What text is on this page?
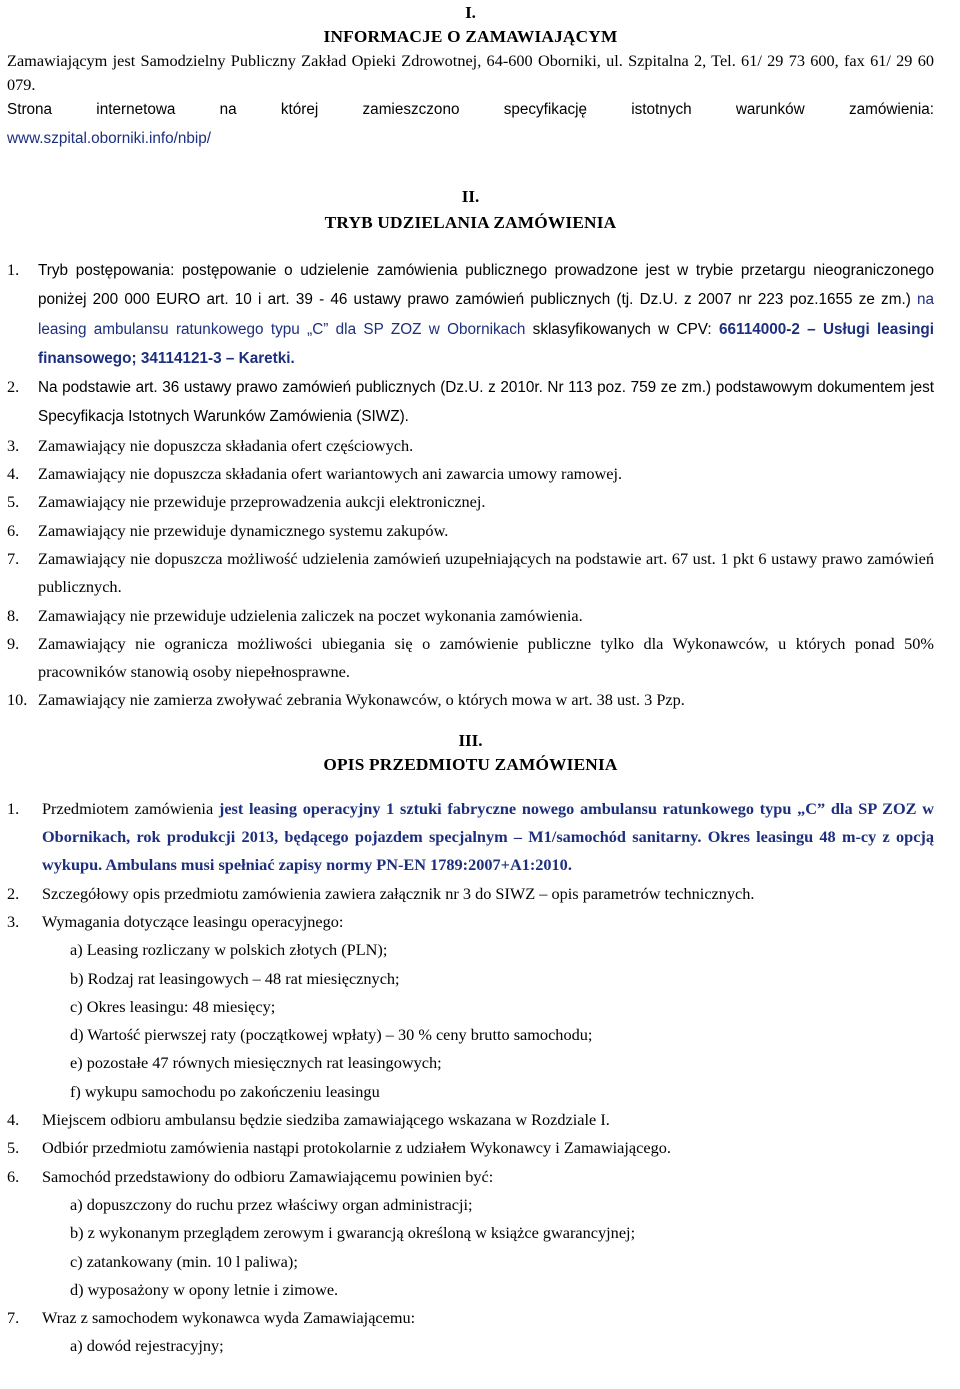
I.
INFORMACJE O ZAMAWIAJĄCYM
Zamawiającym jest Samodzielny Publiczny Zakład Opieki Zdrowotnej, 64-600 Oborniki, ul. Szpitalna 2, Tel. 61/ 29 73 600, fax 61/ 29 60 079.
Strona internetowa na której zamieszczono specyfikację istotnych warunków zamówienia:
www.szpital.oborniki.info/nbip/
II.
TRYB UDZIELANIA ZAMÓWIENIA
1. Tryb postępowania: postępowanie o udzielenie zamówienia publicznego prowadzone jest w trybie przetargu nieograniczonego poniżej 200 000 EURO art. 10 i art. 39 - 46 ustawy prawo zamówień publicznych (tj. Dz.U. z 2007 nr 223 poz.1655 ze zm.) na leasing ambulansu ratunkowego typu „C” dla SP ZOZ w Obornikach sklasyfikowanych w CPV: 66114000-2 – Usługi leasingi finansowego; 34114121-3 – Karetki.
2. Na podstawie art. 36 ustawy prawo zamówień publicznych (Dz.U. z 2010r. Nr 113 poz. 759 ze zm.) podstawowym dokumentem jest Specyfikacja Istotnych Warunków Zamówienia (SIWZ).
3. Zamawiający nie dopuszcza składania ofert częściowych.
4. Zamawiający nie dopuszcza składania ofert wariantowych ani zawarcia umowy ramowej.
5. Zamawiający nie przewiduje przeprowadzenia aukcji elektronicznej.
6. Zamawiający nie przewiduje dynamicznego systemu zakupów.
7. Zamawiający nie dopuszcza możliwość udzielenia zamówień uzupełniających na podstawie art. 67 ust. 1 pkt 6 ustawy prawo zamówień publicznych.
8. Zamawiający nie przewiduje udzielenia zaliczek na poczet wykonania zamówienia.
9. Zamawiający nie ogranicza możliwości ubiegania się o zamówienie publiczne tylko dla Wykonawców, u których ponad 50% pracowników stanowią osoby niepełnosprawne.
10. Zamawiający nie zamierza zwoływać zebrania Wykonawców, o których mowa w art. 38 ust. 3 Pzp.
III.
OPIS PRZEDMIOTU ZAMÓWIENIA
1. Przedmiotem zamówienia jest leasing operacyjny 1 sztuki fabryczne nowego ambulansu ratunkowego typu „C” dla SP ZOZ w Obornikach, rok produkcji 2013, będącego pojazdem specjalnym – M1/samochód sanitarny. Okres leasingu 48 m-cy z opcją wykupu. Ambulans musi spełniać zapisy normy PN-EN 1789:2007+A1:2010.
2. Szczegółowy opis przedmiotu zamówienia zawiera załącznik nr 3 do SIWZ – opis parametrów technicznych.
3. Wymagania dotyczące leasingu operacyjnego:
a) Leasing rozliczany w polskich złotych (PLN);
b) Rodzaj rat leasingowych – 48 rat miesięcznych;
c) Okres leasingu: 48 miesięcy;
d) Wartość pierwszej raty (początkowej wpłaty) – 30 % ceny brutto samochodu;
e) pozostałe 47 równych miesięcznych rat leasingowych;
f) wykupu samochodu po zakończeniu leasingu
4. Miejscem odbioru ambulansu będzie siedziba zamawiającego wskazana w Rozdziale I.
5. Odbiór przedmiotu zamówienia nastąpi protokolarnie z udziałem Wykonawcy i Zamawiającego.
6. Samochód przedstawiony do odbioru Zamawiającemu powinien być:
a) dopuszczony do ruchu przez właściwy organ administracji;
b) z wykonanym przeglądem zerowym i gwarancją określoną w książce gwarancyjnej;
c) zatankowany (min. 10 l paliwa);
d) wyposażony w opony letnie i zimowe.
7. Wraz z samochodem wykonawca wyda Zamawiającemu:
a) dowód rejestracyjny;
